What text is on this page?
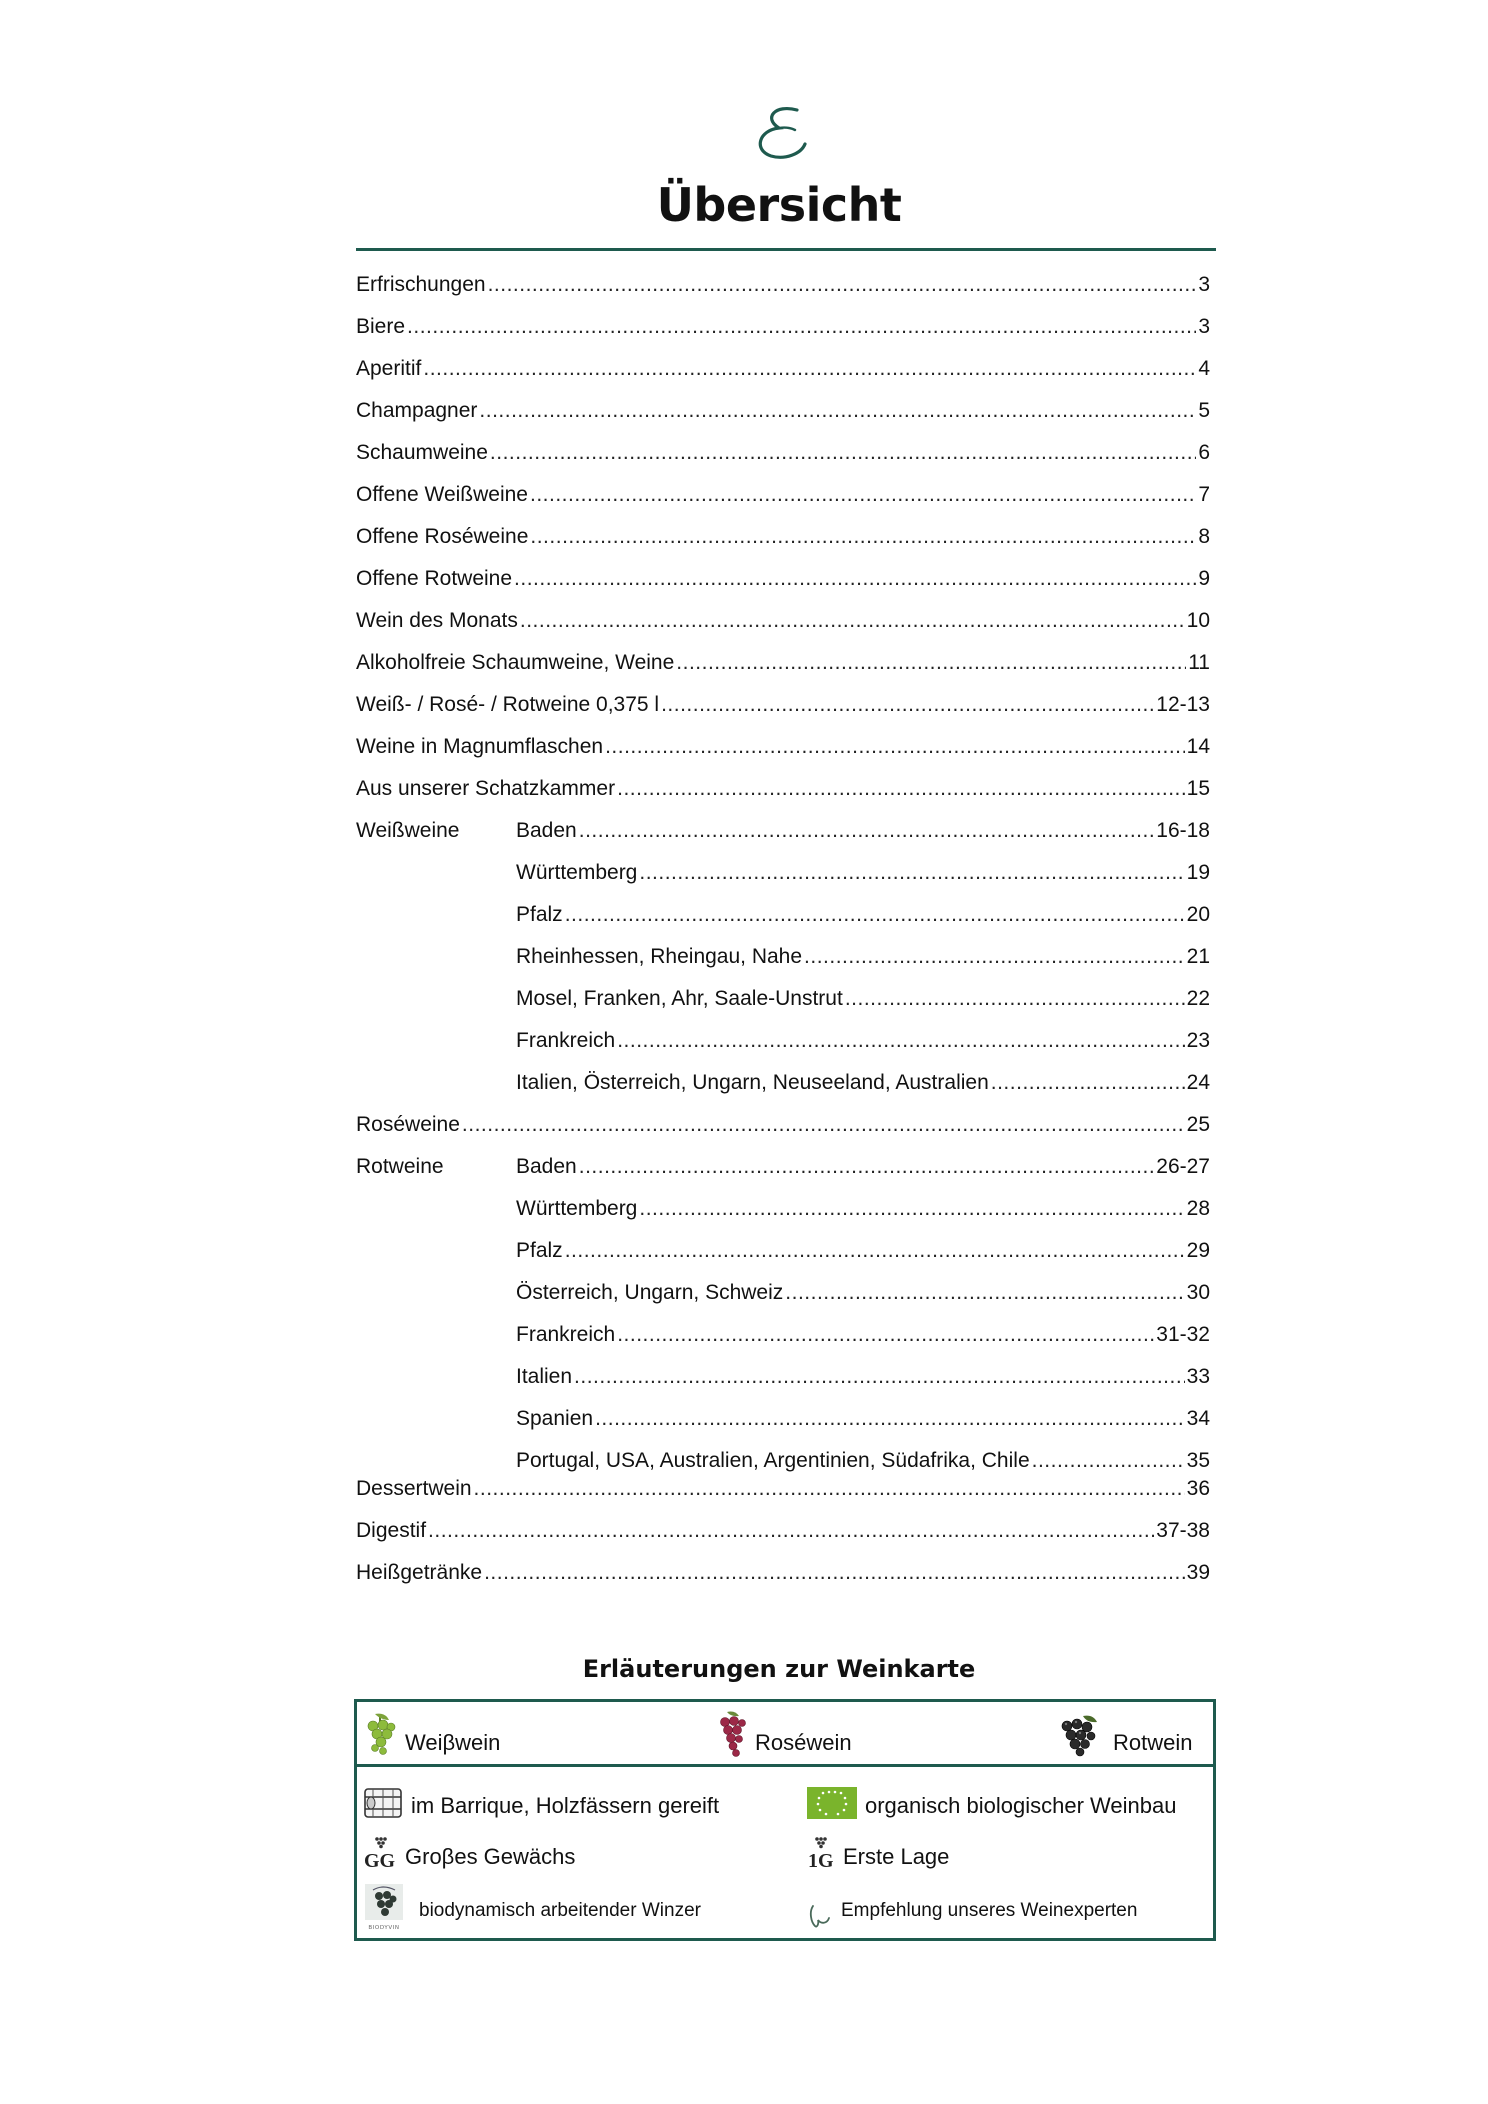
Übersicht
Erfrischungen .....	3
Biere .....	3
Aperitif .....	4
Champagner .....	5
Schaumweine .....	6
Offene Weißweine .....	7
Offene Roséweine .....	8
Offene Rotweine .....	9
Wein des Monats .....	10
Alkoholfreie Schaumweine, Weine .....	11
Weiß- / Rosé- / Rotweine 0,375 l .....	12-13
Weine in Magnumflaschen .....	14
Aus unserer Schatzkammer .....	15
Weißweine	Baden .....	16-18
Württemberg .....	19
Pfalz .....	20
Rheinhessen, Rheingau, Nahe .....	21
Mosel, Franken, Ahr, Saale-Unstrut .....	22
Frankreich .....	23
Italien, Österreich, Ungarn, Neuseeland, Australien .....	24
Roséweine .....	25
Rotweine	Baden .....	26-27
Württemberg .....	28
Pfalz .....	29
Österreich, Ungarn, Schweiz .....	30
Frankreich .....	31-32
Italien .....	33
Spanien .....	34
Portugal, USA, Australien, Argentinien, Südafrika, Chile .....	35
Dessertwein .....	36
Digestif .....	37-38
Heißgetränke .....	39
Erläuterungen zur Weinkarte
Weiβwein	Roséwein	Rotwein
im Barrique, Holzfässern gereift	organisch biologischer Weinbau
GG Groβes Gewächs	1G Erste Lage
BIODYVIN
biodynamisch arbeitender Winzer	Empfehlung unseres Weinexperten
